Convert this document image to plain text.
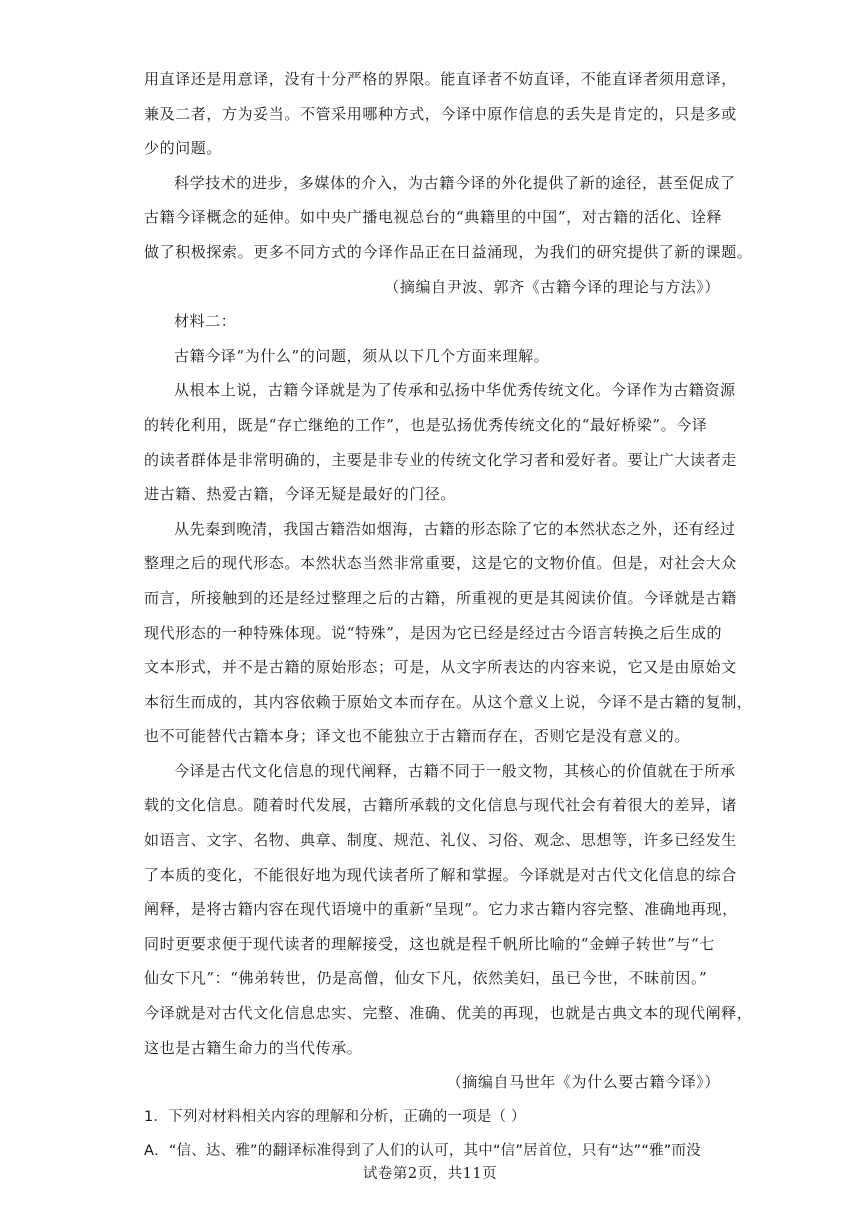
用直译还是用意译，没有十分严格的界限。能直译者不妨直译，不能直译者须用意译，
兼及二者，方为妥当。不管采用哪种方式，今译中原作信息的丢失是肯定的，只是多或
少的问题。
科学技术的进步，多媒体的介入，为古籍今译的外化提供了新的途径，甚至促成了
古籍今译概念的延伸。如中央广播电视总台的“典籍里的中国”，对古籍的活化、诠释
做了积极探索。更多不同方式的今译作品正在日益涌现，为我们的研究提供了新的课题。
（摘编自尹波、郭齐《古籍今译的理论与方法》）
材料二：
古籍今译“为什么”的问题，须从以下几个方面来理解。
从根本上说，古籍今译就是为了传承和弘扬中华优秀传统文化。今译作为古籍资源
的转化利用，既是“存亡继绝的工作”，也是弘扬优秀传统文化的“最好桥梁”。今译
的读者群体是非常明确的，主要是非专业的传统文化学习者和爱好者。要让广大读者走
进古籍、热爱古籍，今译无疑是最好的门径。
从先秦到晚清，我国古籍浩如烟海，古籍的形态除了它的本然状态之外，还有经过
整理之后的现代形态。本然状态当然非常重要，这是它的文物价值。但是，对社会大众
而言，所接触到的还是经过整理之后的古籍，所重视的更是其阅读价值。今译就是古籍
现代形态的一种特殊体现。说“特殊”，是因为它已经是经过古今语言转换之后生成的
文本形式，并不是古籍的原始形态；可是，从文字所表达的内容来说，它又是由原始文
本衍生而成的，其内容依赖于原始文本而存在。从这个意义上说，今译不是古籍的复制，
也不可能替代古籍本身；译文也不能独立于古籍而存在，否则它是没有意义的。
今译是古代文化信息的现代阐释，古籍不同于一般文物，其核心的价值就在于所承
载的文化信息。随着时代发展，古籍所承载的文化信息与现代社会有着很大的差异，诸
如语言、文字、名物、典章、制度、规范、礼仪、习俗、观念、思想等，许多已经发生
了本质的变化，不能很好地为现代读者所了解和掌握。今译就是对古代文化信息的综合
阐释，是将古籍内容在现代语境中的重新“呈现”。它力求古籍内容完整、准确地再现，
同时更要求便于现代读者的理解接受，这也就是程千帆所比喻的“金蝉子转世”与“七
仙女下凡”：“佛弟转世，仍是高僧，仙女下凡，依然美妇，虽已今世，不昧前因。”
今译就是对古代文化信息忠实、完整、准确、优美的再现，也就是古典文本的现代阐释，
这也是古籍生命力的当代传承。
（摘编自马世年《为什么要古籍今译》）
1．下列对材料相关内容的理解和分析，正确的一项是（ ）
A．“信、达、雅”的翻译标准得到了人们的认可，其中“信”居首位，只有“达”“雅”而没
试卷第2页，共11页
